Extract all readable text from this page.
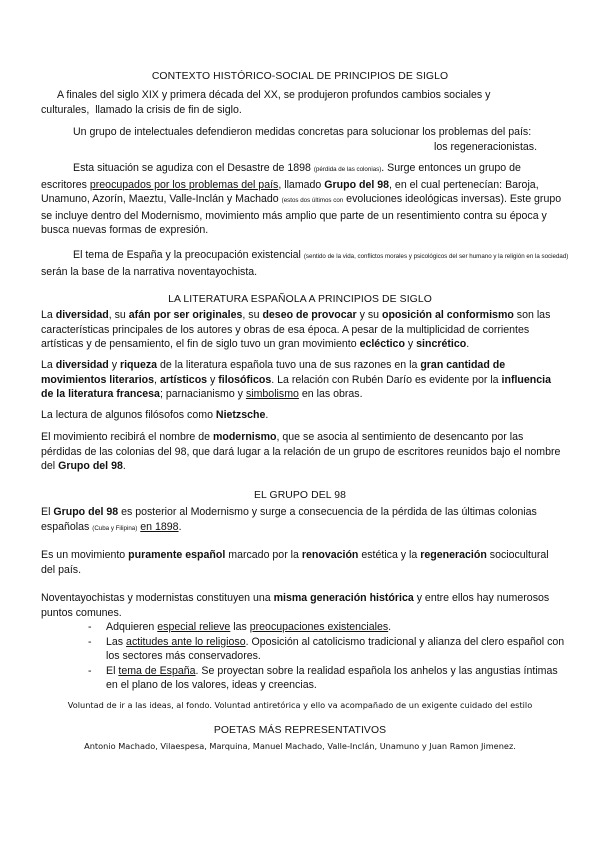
CONTEXTO HISTÓRICO-SOCIAL DE PRINCIPIOS DE SIGLO

A finales del siglo XIX y primera década del XX, se produjeron profundos cambios sociales y culturales, llamado la crisis de fin de siglo.

Un grupo de intelectuales defendieron medidas concretas para solucionar los problemas del país:

los regeneracionistas.

Esta situación se agudiza con el Desastre de 1898 (pérdida de las colonias). Surge entonces un grupo de escritores preocupados por los problemas del país, llamado Grupo del 98, en el cual pertenecían: Baroja, Unamuno, Azorín, Maeztu, Valle-Inclán y Machado (estos dos últimos con evoluciones ideológicas inversas). Este grupo se incluye dentro del Modernismo, movimiento más amplio que parte de un resentimiento contra su época y busca nuevas formas de expresión.

El tema de España y la preocupación existencial (sentido de la vida, conflictos morales y psicológicos del ser humano y la religión en la sociedad) serán la base de la narrativa noventayochista.

LA LITERATURA ESPAÑOLA A PRINCIPIOS DE SIGLO

La diversidad, su afán por ser originales, su deseo de provocar y su oposición al conformismo son las características principales de los autores y obras de esa época. A pesar de la multiplicidad de corrientes artísticas y de pensamiento, el fin de siglo tuvo un gran movimiento ecléctico y sincrético.

La diversidad y riqueza de la literatura española tuvo una de sus razones en la gran cantidad de movimientos literarios, artísticos y filosóficos. La relación con Rubén Darío es evidente por la influencia de la literatura francesa; parnacianismo y simbolismo en las obras.

La lectura de algunos filósofos como Nietzsche.

El movimiento recibirá el nombre de modernismo, que se asocia al sentimiento de desencanto por las pérdidas de las colonias del 98, que dará lugar a la relación de un grupo de escritores reunidos bajo el nombre del Grupo del 98.

EL GRUPO DEL 98

El Grupo del 98 es posterior al Modernismo y surge a consecuencia de la pérdida de las últimas colonias españolas (Cuba y Filipina) en 1898.

Es un movimiento puramente español marcado por la renovación estética y la regeneración sociocultural del país.

Noventayochistas y modernistas constituyen una misma generación histórica y entre ellos hay numerosos puntos comunes.

- Adquieren especial relieve las preocupaciones existenciales.
- Las actitudes ante lo religioso. Oposición al catolicismo tradicional y alianza del clero español con los sectores más conservadores.
- El tema de España. Se proyectan sobre la realidad española los anhelos y las angustias íntimas en el plano de los valores, ideas y creencias.
Voluntad de ir a las ideas, al fondo. Voluntad antiretórica y ello va acompañado de un exigente cuidado del estilo
POETAS MÁS REPRESENTATIVOS
Antonio Machado, Vilaespesa, Marquina, Manuel Machado, Valle-Inclán, Unamuno y Juan Ramon Jimenez.
